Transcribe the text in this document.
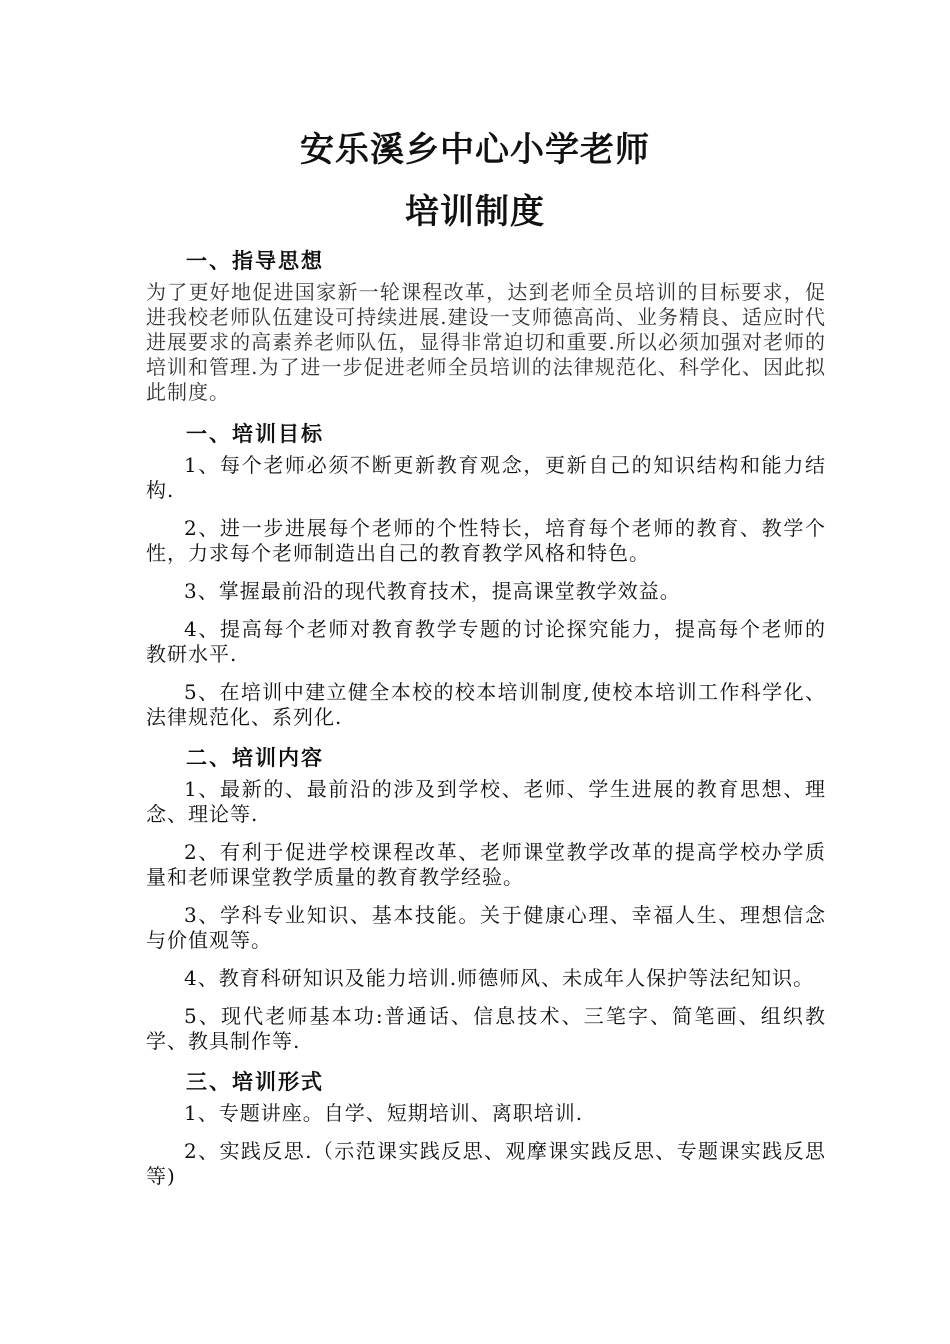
安乐溪乡中心小学老师
培训制度
一、指导思想

为了更好地促进国家新一轮课程改革，达到老师全员培训的目标要求，促进我校老师队伍建设可持续进展.建设一支师德高尚、业务精良、适应时代进展要求的高素养老师队伍，显得非常迫切和重要.所以必须加强对老师的培训和管理.为了进一步促进老师全员培训的法律规范化、科学化、因此拟此制度。

一、培训目标

1、每个老师必须不断更新教育观念，更新自己的知识结构和能力结构.

2、进一步进展每个老师的个性特长，培育每个老师的教育、教学个性，力求每个老师制造出自己的教育教学风格和特色。

3、掌握最前沿的现代教育技术，提高课堂教学效益。

4、提高每个老师对教育教学专题的讨论探究能力，提高每个老师的教研水平.

5、在培训中建立健全本校的校本培训制度,使校本培训工作科学化、法律规范化、系列化.

二、培训内容

1、最新的、最前沿的涉及到学校、老师、学生进展的教育思想、理念、理论等.

2、有利于促进学校课程改革、老师课堂教学改革的提高学校办学质量和老师课堂教学质量的教育教学经验。

3、学科专业知识、基本技能。关于健康心理、幸福人生、理想信念与价值观等。

4、教育科研知识及能力培训.师德师风、未成年人保护等法纪知识。

5、现代老师基本功:普通话、信息技术、三笔字、简笔画、组织教学、教具制作等.

三、培训形式

1、专题讲座。自学、短期培训、离职培训.

2、实践反思.（示范课实践反思、观摩课实践反思、专题课实践反思等)
